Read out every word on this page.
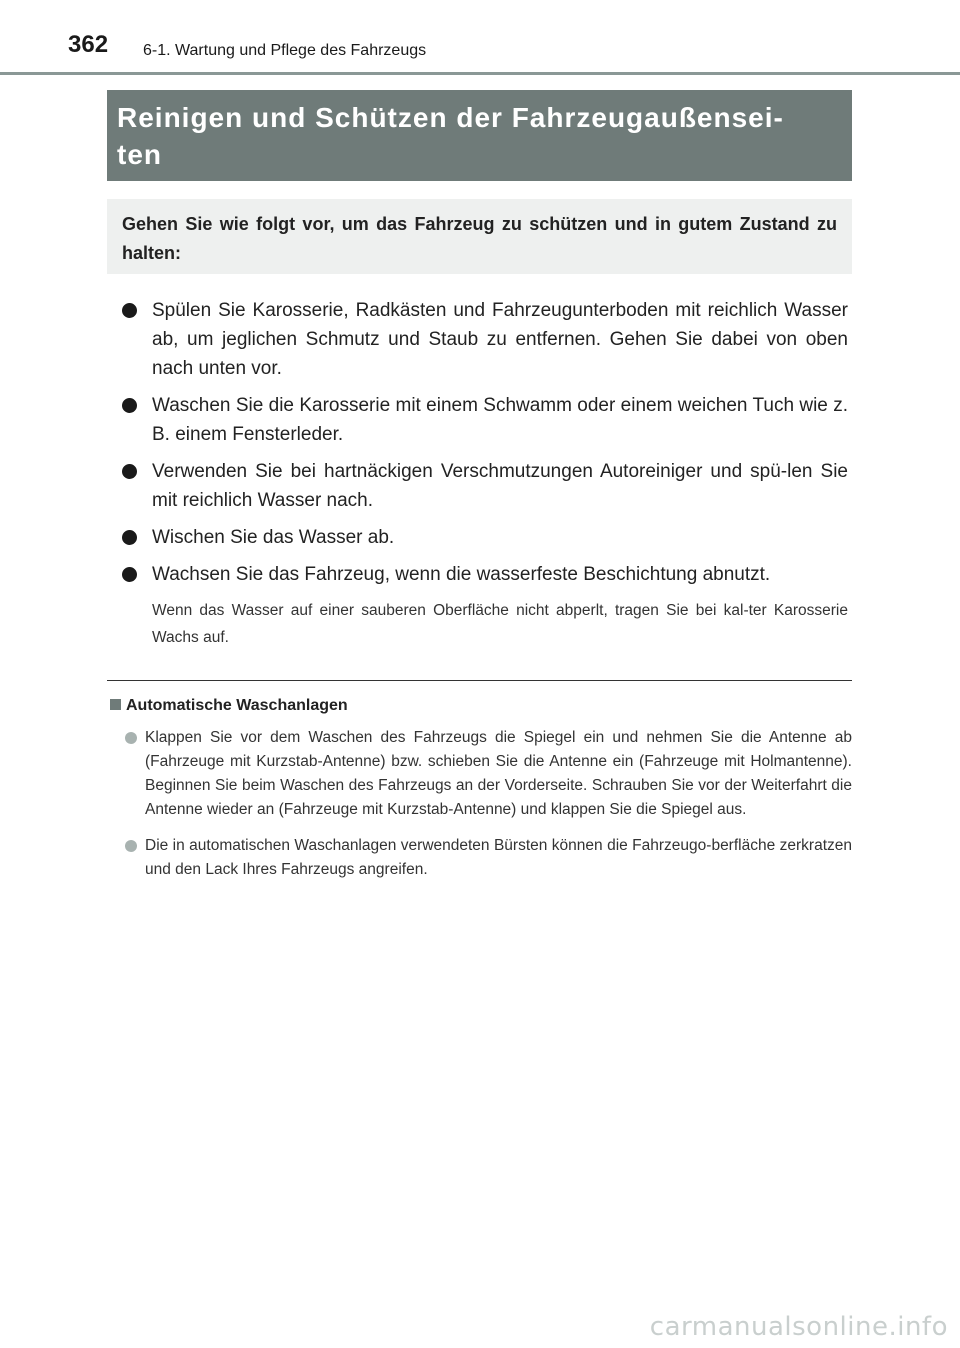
362 6-1. Wartung und Pflege des Fahrzeugs
Reinigen und Schützen der Fahrzeugaußensei-
ten

Gehen Sie wie folgt vor, um das Fahrzeug zu schützen und in gutem Zustand zu halten:

Spülen Sie Karosserie, Radkästen und Fahrzeugunterboden mit reichlich Wasser ab, um jeglichen Schmutz und Staub zu entfernen. Gehen Sie dabei von oben nach unten vor.
Waschen Sie die Karosserie mit einem Schwamm oder einem weichen Tuch wie z. B. einem Fensterleder.
Verwenden Sie bei hartnäckigen Verschmutzungen Autoreiniger und spü-len Sie mit reichlich Wasser nach.
Wischen Sie das Wasser ab.
Wachsen Sie das Fahrzeug, wenn die wasserfeste Beschichtung abnutzt.
Wenn das Wasser auf einer sauberen Oberfläche nicht abperlt, tragen Sie bei kal-ter Karosserie Wachs auf.
Automatische Waschanlagen
Klappen Sie vor dem Waschen des Fahrzeugs die Spiegel ein und nehmen Sie die Antenne ab (Fahrzeuge mit Kurzstab-Antenne) bzw. schieben Sie die Antenne ein (Fahrzeuge mit Holmantenne). Beginnen Sie beim Waschen des Fahrzeugs an der Vorderseite. Schrauben Sie vor der Weiterfahrt die Antenne wieder an (Fahrzeuge mit Kurzstab-Antenne) und klappen Sie die Spiegel aus.
Die in automatischen Waschanlagen verwendeten Bürsten können die Fahrzeugo-berfläche zerkratzen und den Lack Ihres Fahrzeugs angreifen.
carmanualsonline.info
